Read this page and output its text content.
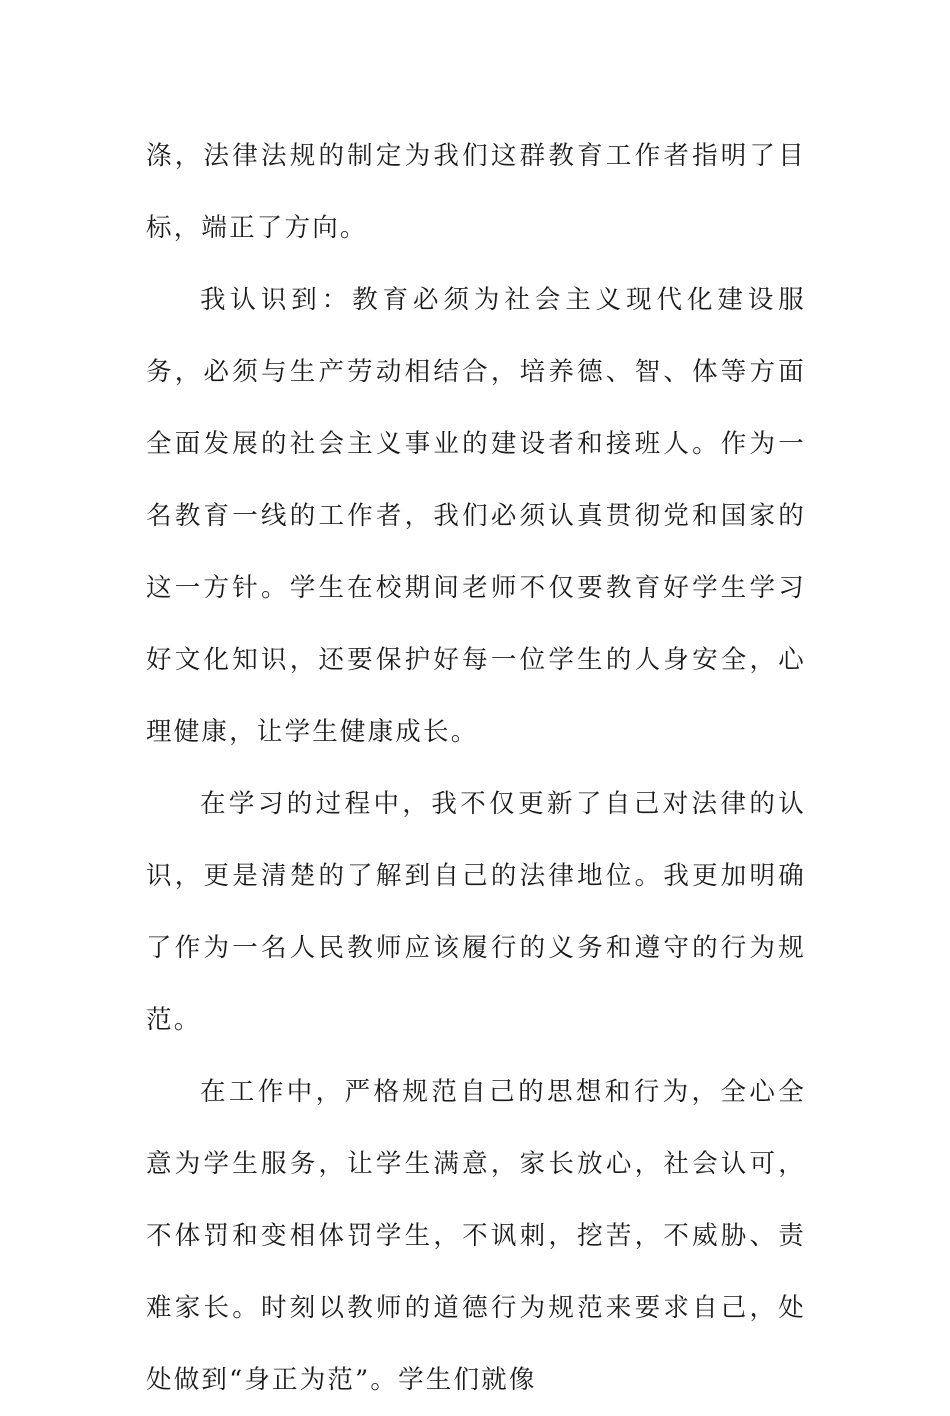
涤，法律法规的制定为我们这群教育工作者指明了目标，端正了方向。

我认识到：教育必须为社会主义现代化建设服务，必须与生产劳动相结合，培养德、智、体等方面全面发展的社会主义事业的建设者和接班人。作为一名教育一线的工作者，我们必须认真贯彻党和国家的这一方针。学生在校期间老师不仅要教育好学生学习好文化知识，还要保护好每一位学生的人身安全，心理健康，让学生健康成长。

在学习的过程中，我不仅更新了自己对法律的认识，更是清楚的了解到自己的法律地位。我更加明确了作为一名人民教师应该履行的义务和遵守的行为规范。

在工作中，严格规范自己的思想和行为，全心全意为学生服务，让学生满意，家长放心，社会认可，不体罚和变相体罚学生，不讽刺，挖苦，不威胁、责难家长。时刻以教师的道德行为规范来要求自己，处处做到“身正为范”。学生们就像
